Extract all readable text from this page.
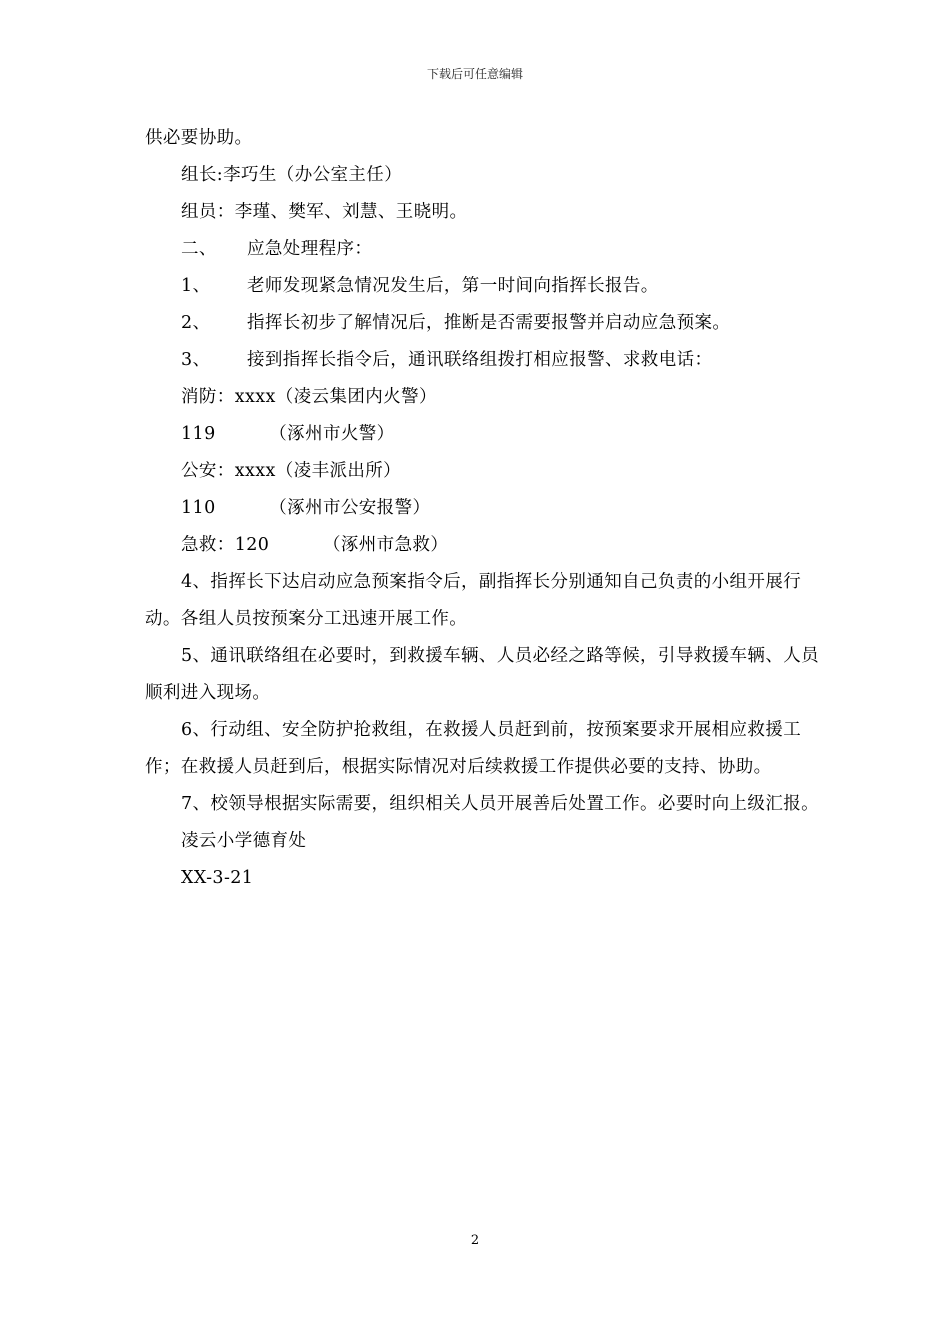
下载后可任意编辑

供必要协助。

组长:李巧生（办公室主任）

组员：李瑾、樊军、刘慧、王晓明。

二、	应急处理程序：
1、	老师发现紧急情况发生后，第一时间向指挥长报告。
2、	指挥长初步了解情况后，推断是否需要报警并启动应急预案。
3、	接到指挥长指令后，通讯联络组拨打相应报警、求救电话：

消防：xxxx（凌云集团内火警）

119         （涿州市火警）

公安：xxxx（凌丰派出所）

110         （涿州市公安报警）

急救：120         （涿州市急救）

4、指挥长下达启动应急预案指令后，副指挥长分别通知自己负责的小组开展行动。各组人员按预案分工迅速开展工作。

5、通讯联络组在必要时，到救援车辆、人员必经之路等候，引导救援车辆、人员顺利进入现场。

6、行动组、安全防护抢救组，在救援人员赶到前，按预案要求开展相应救援工作；在救援人员赶到后，根据实际情况对后续救援工作提供必要的支持、协助。

7、校领导根据实际需要，组织相关人员开展善后处置工作。必要时向上级汇报。

凌云小学德育处

XX-3-21

2
